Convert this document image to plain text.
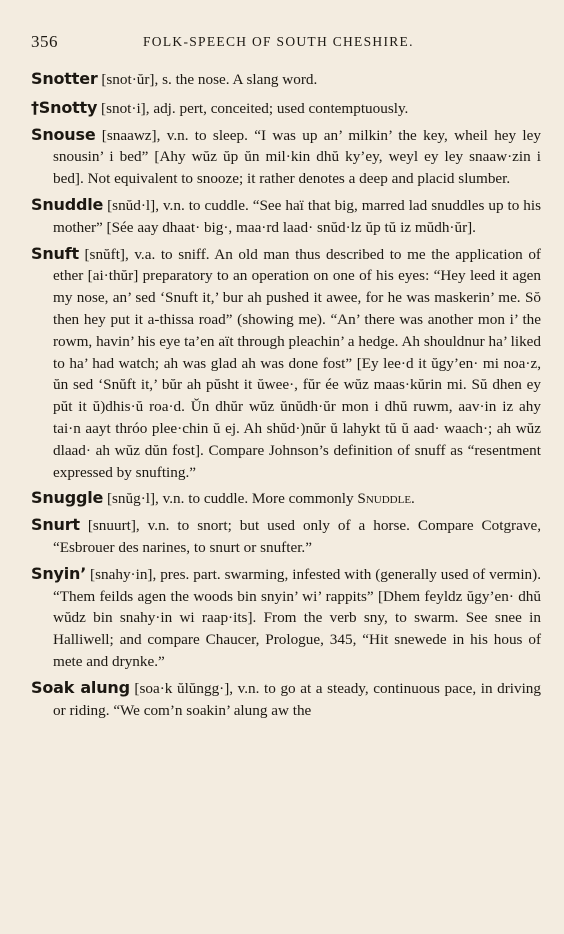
356	FOLK-SPEECH OF SOUTH CHESHIRE.

Snotter [snot·ŭr], s. the nose. A slang word.

†Snotty [snot·i], adj. pert, conceited; used contemptuously.

Snouse [snaawz], v.n. to sleep. “I was up an’ milkin’ the key, wheil hey ley snousin’ i bed” [Ahy wŭz ŭp ŭn mil·kin dhŭ ky’ey, weyl ey ley snaaw·zin i bed]. Not equivalent to snooze; it rather denotes a deep and placid slumber.

Snuddle [snŭd·l], v.n. to cuddle. “See haï that big, marred lad snuddles up to his mother” [Sée aay dhaat· big·, maa·rd laad· snŭd·lz ŭp tŭ iz mŭdh·ŭr].

Snuft [snŭft], v.a. to sniff. An old man thus described to me the application of ether [ai·thŭr] preparatory to an operation on one of his eyes: “Hey leed it agen my nose, an’ sed ‘Snuft it,’ bur ah pushed it awee, for he was maskerin’ me. Sŏ then hey put it a-thissa road” (showing me). “An’ there was another mon i’ the rowm, havin’ his eye ta’en aït through pleachin’ a hedge. Ah shouldnur ha’ liked to ha’ had watch; ah was glad ah was done fost” [Ey lee·d it ŭgy’en· mi noa·z, ŭn sed ‘Snŭft it,’ bŭr ah pŭsht it ŭwee·, fŭr ée wŭz maas·kŭrin mi. Sŭ dhen ey pŭt it ŭ)dhis·ŭ roa·d. Ŭn dhŭr wŭz ŭnŭdh·ŭr mon i dhŭ ruwm, aav·in iz ahy tai·n aayt thróo plee·chin ŭ ej. Ah shŭd·)nŭr ŭ lahykt tŭ ŭ aad· waach·; ah wŭz dlaad· ah wŭz dŭn fost]. Compare Johnson’s definition of snuff as “resentment expressed by snufting.”

Snuggle [snŭg·l], v.n. to cuddle. More commonly Snuddle.

Snurt [snuurt], v.n. to snort; but used only of a horse. Compare Cotgrave, “Esbrouer des narines, to snurt or snufter.”

Snyin’ [snahy·in], pres. part. swarming, infested with (generally used of vermin). “Them feilds agen the woods bin snyin’ wi’ rappits” [Dhem feyldz ŭgy’en· dhŭ wŭdz bin snahy·in wi raap·its]. From the verb sny, to swarm. See snee in Halliwell; and compare Chaucer, Prologue, 345, “Hit snewede in his hous of mete and drynke.”

Soak alung [soa·k ŭlŭngg·], v.n. to go at a steady, continuous pace, in driving or riding. “We com’n soakin’ alung aw the
